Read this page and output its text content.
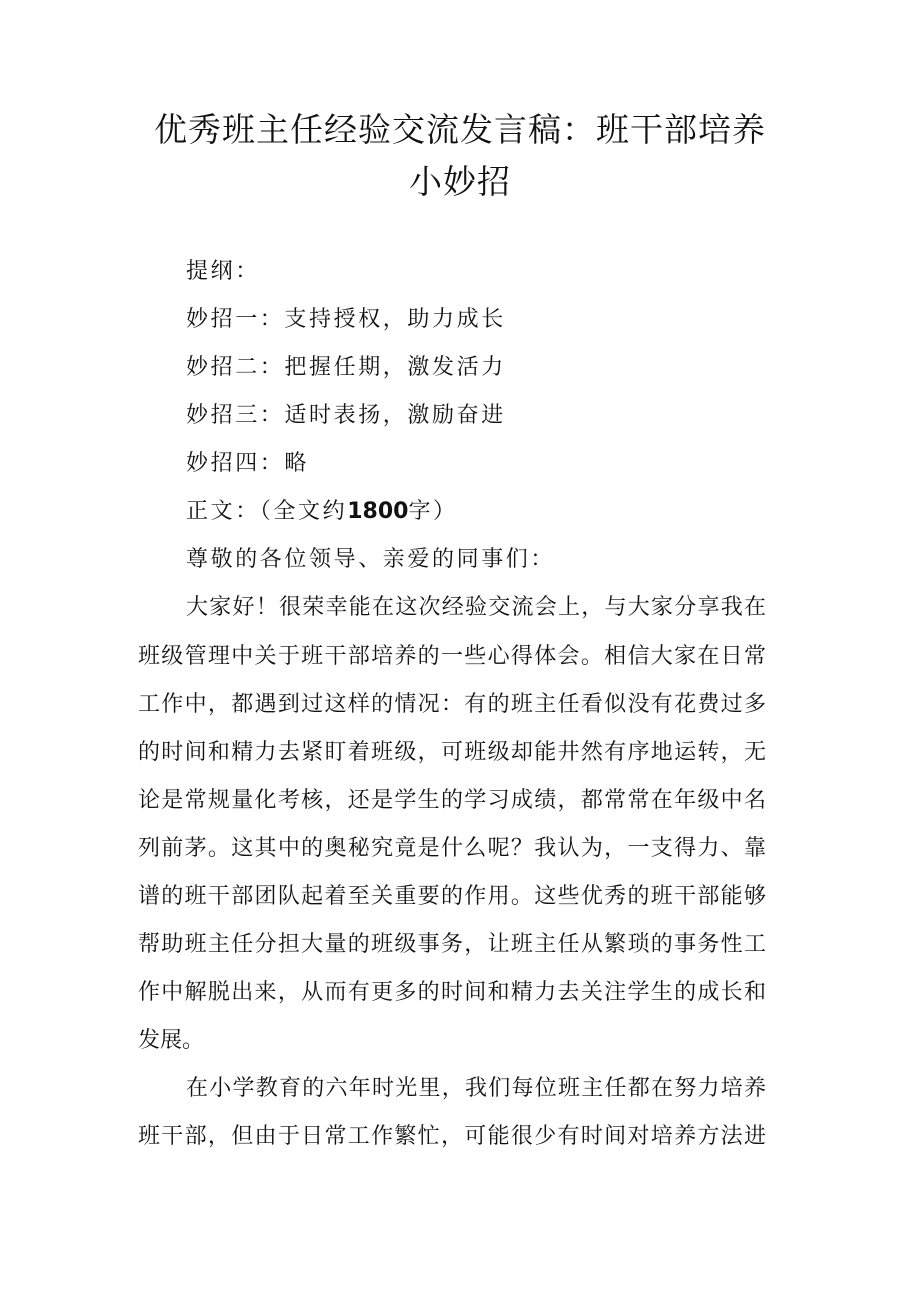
优秀班主任经验交流发言稿：班干部培养
小妙招
提纲：
妙招一：支持授权，助力成长
妙招二：把握任期，激发活力
妙招三：适时表扬，激励奋进
妙招四：略
正文：（全文约1800字）
尊敬的各位领导、亲爱的同事们：
大家好！很荣幸能在这次经验交流会上，与大家分享我在
班级管理中关于班干部培养的一些心得体会。相信大家在日常
工作中，都遇到过这样的情况：有的班主任看似没有花费过多
的时间和精力去紧盯着班级，可班级却能井然有序地运转，无
论是常规量化考核，还是学生的学习成绩，都常常在年级中名
列前茅。这其中的奥秘究竟是什么呢？我认为，一支得力、靠
谱的班干部团队起着至关重要的作用。这些优秀的班干部能够
帮助班主任分担大量的班级事务，让班主任从繁琐的事务性工
作中解脱出来，从而有更多的时间和精力去关注学生的成长和
发展。
在小学教育的六年时光里，我们每位班主任都在努力培养
班干部，但由于日常工作繁忙，可能很少有时间对培养方法进
